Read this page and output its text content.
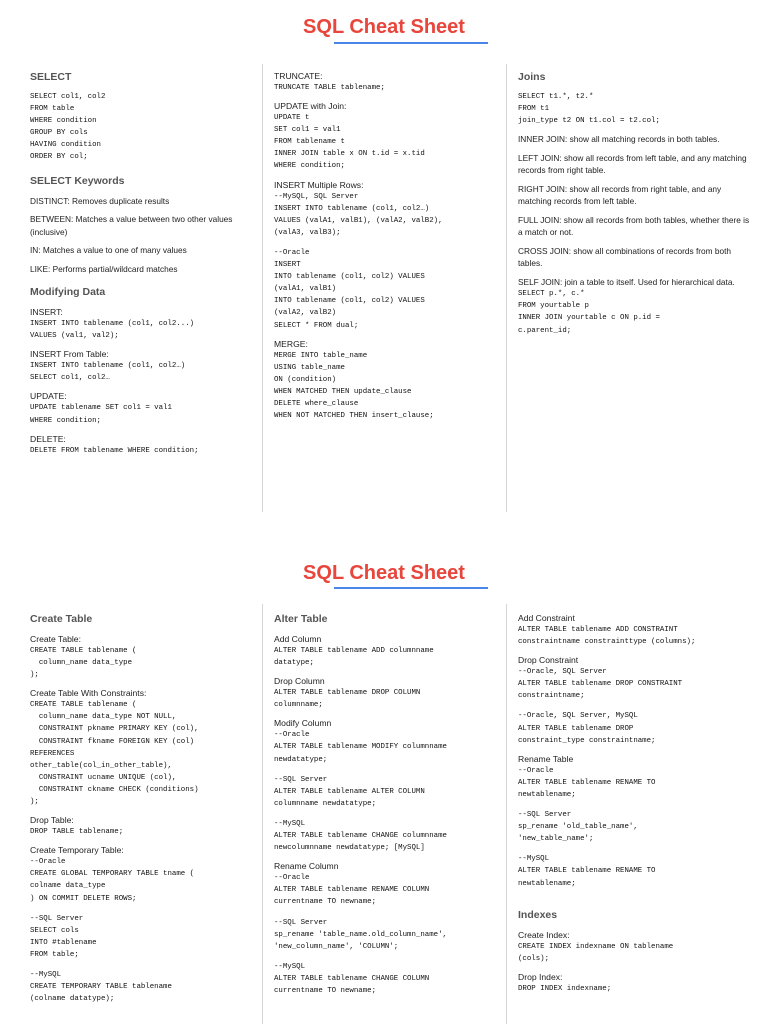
SQL Cheat Sheet
SELECT
SELECT col1, col2
FROM table
WHERE condition
GROUP BY cols
HAVING condition
ORDER BY col;
SELECT Keywords
DISTINCT: Removes duplicate results
BETWEEN: Matches a value between two other values (inclusive)
IN: Matches a value to one of many values
LIKE: Performs partial/wildcard matches
Modifying Data
INSERT:
INSERT INTO tablename (col1, col2...)
VALUES (val1, val2);
INSERT From Table:
INSERT INTO tablename (col1, col2…)
SELECT col1, col2…
UPDATE:
UPDATE tablename SET col1 = val1
WHERE condition;
DELETE:
DELETE FROM tablename WHERE condition;
TRUNCATE:
TRUNCATE TABLE tablename;
UPDATE with Join:
UPDATE t
SET col1 = val1
FROM tablename t
INNER JOIN table x ON t.id = x.tid
WHERE condition;
INSERT Multiple Rows:
--MySQL, SQL Server
INSERT INTO tablename (col1, col2…)
VALUES (valA1, valB1), (valA2, valB2),
(valA3, valB3);
--Oracle
INSERT
INTO tablename (col1, col2) VALUES
(valA1, valB1)
INTO tablename (col1, col2) VALUES
(valA2, valB2)
SELECT * FROM dual;
MERGE:
MERGE INTO table_name
USING table_name
ON (condition)
WHEN MATCHED THEN update_clause
DELETE where_clause
WHEN NOT MATCHED THEN insert_clause;
Joins
SELECT t1.*, t2.*
FROM t1
join_type t2 ON t1.col = t2.col;
INNER JOIN: show all matching records in both tables.
LEFT JOIN: show all records from left table, and any matching records from right table.
RIGHT JOIN: show all records from right table, and any matching records from left table.
FULL JOIN: show all records from both tables, whether there is a match or not.
CROSS JOIN: show all combinations of records from both tables.
SELF JOIN: join a table to itself. Used for hierarchical data.
SELECT p.*, c.*
FROM yourtable p
INNER JOIN yourtable c ON p.id =
c.parent_id;
SQL Cheat Sheet
Create Table
Create Table:
CREATE TABLE tablename (
column_name data_type
);
Create Table With Constraints:
CREATE TABLE tablename (
column_name data_type NOT NULL,
CONSTRAINT pkname PRIMARY KEY (col),
CONSTRAINT fkname FOREIGN KEY (col)
REFERENCES
other_table(col_in_other_table),
CONSTRAINT ucname UNIQUE (col),
CONSTRAINT ckname CHECK (conditions)
);
Drop Table:
DROP TABLE tablename;
Create Temporary Table:
--Oracle
CREATE GLOBAL TEMPORARY TABLE tname (
colname data_type
) ON COMMIT DELETE ROWS;
--SQL Server
SELECT cols
INTO #tablename
FROM table;
--MySQL
CREATE TEMPORARY TABLE tablename
(colname datatype);
Alter Table
Add Column
ALTER TABLE tablename ADD columnname
datatype;
Drop Column
ALTER TABLE tablename DROP COLUMN
columnname;
Modify Column
--Oracle
ALTER TABLE tablename MODIFY columnname
newdatatype;
--SQL Server
ALTER TABLE tablename ALTER COLUMN
columnname newdatatype;
--MySQL
ALTER TABLE tablename CHANGE columnname
newcolumnname newdatatype; [MySQL]
Rename Column
--Oracle
ALTER TABLE tablename RENAME COLUMN
currentname TO newname;
--SQL Server
sp_rename 'table_name.old_column_name',
'new_column_name', 'COLUMN';
--MySQL
ALTER TABLE tablename CHANGE COLUMN
currentname TO newname;
Add Constraint
ALTER TABLE tablename ADD CONSTRAINT
constraintname constrainttype (columns);
Drop Constraint
--Oracle, SQL Server
ALTER TABLE tablename DROP CONSTRAINT
constraintname;
--Oracle, SQL Server, MySQL
ALTER TABLE tablename DROP
constraint_type constraintname;
Rename Table
--Oracle
ALTER TABLE tablename RENAME TO
newtablename;
--SQL Server
sp_rename 'old_table_name',
'new_table_name';
--MySQL
ALTER TABLE tablename RENAME TO
newtablename;
Indexes
Create Index:
CREATE INDEX indexname ON tablename
(cols);
Drop Index:
DROP INDEX indexname;
